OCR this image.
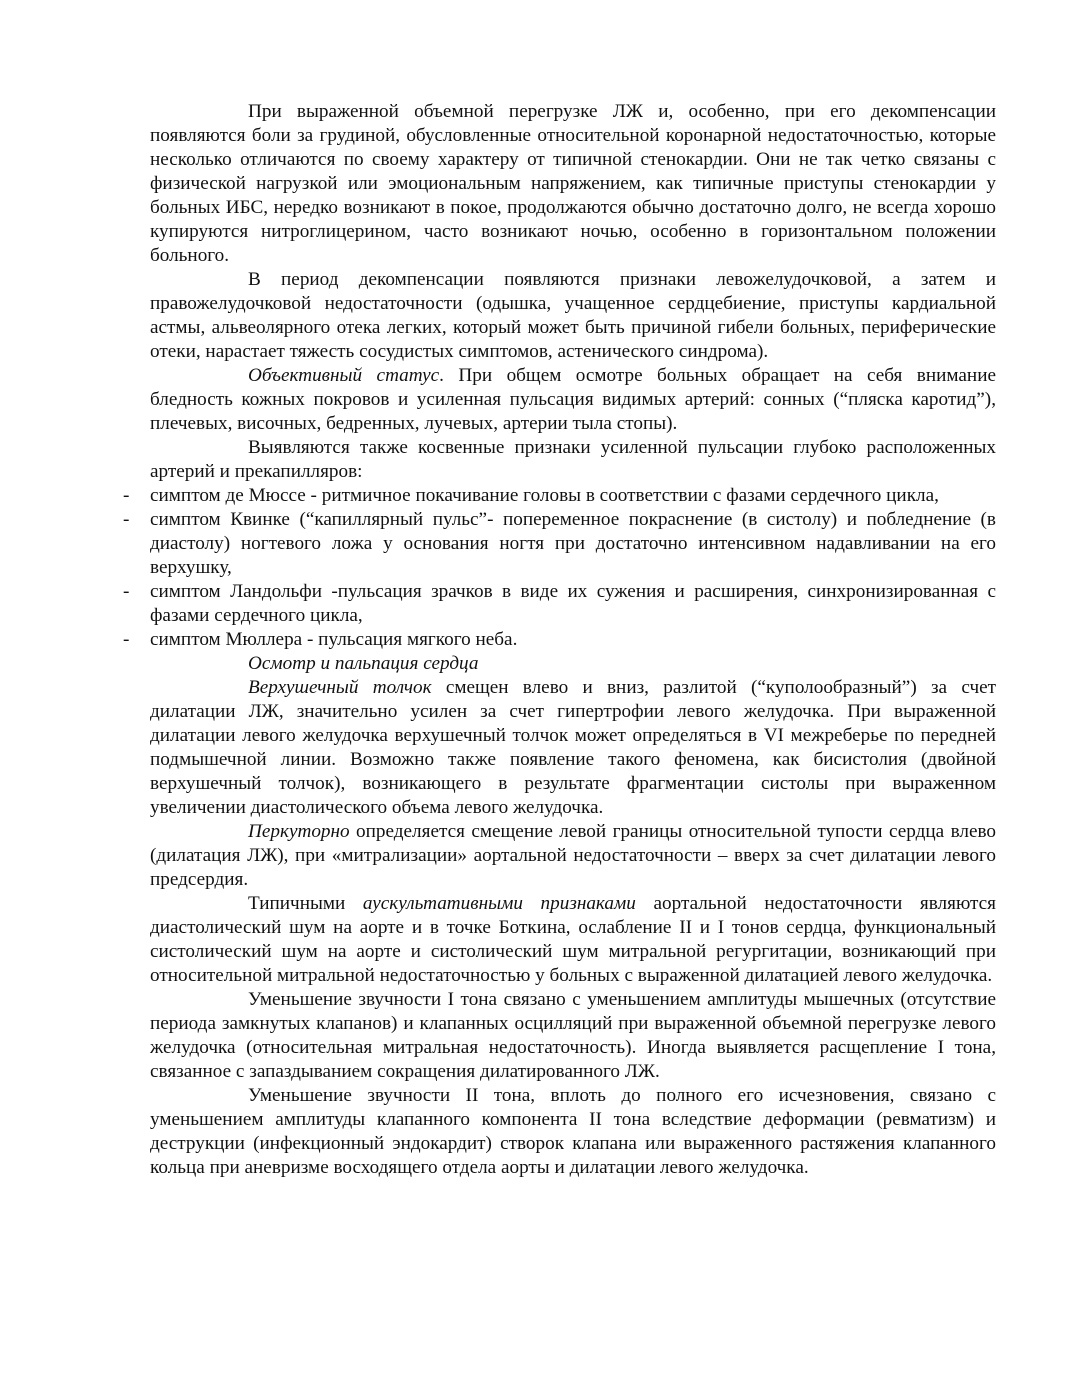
При выраженной объемной перегрузке ЛЖ и, особенно, при его декомпенсации появляются боли за грудиной, обусловленные относительной коронарной недостаточностью, которые несколько отличаются по своему характеру от типичной стенокардии. Они не так четко связаны с физической нагрузкой или эмоциональным напряжением, как типичные приступы стенокардии у больных ИБС, нередко возникают в покое, продолжаются обычно достаточно долго, не всегда хорошо купируются нитроглицерином, часто возникают ночью, особенно в горизонтальном положении больного.

В период декомпенсации появляются признаки левожелудочковой, а затем и правожелудочковой недостаточности (одышка, учащенное сердцебиение, приступы кардиальной астмы, альвеолярного отека легких, который может быть причиной гибели больных, периферические отеки, нарастает тяжесть сосудистых симптомов, астенического синдрома).

Объективный статус. При общем осмотре больных обращает на себя внимание бледность кожных покровов и усиленная пульсация видимых артерий: сонных (“пляска каротид”), плечевых, височных, бедренных, лучевых, артерии тыла стопы).

Выявляются также косвенные признаки усиленной пульсации глубоко расположенных артерий и прекапилляров:

- симптом де Мюссе - ритмичное покачивание головы в соответствии с фазами сердечного цикла,
- симптом Квинке (“капиллярный пульс”- попеременное покраснение (в систолу) и побледнение (в диастолу) ногтевого ложа у основания ногтя при достаточно интенсивном надавливании на его верхушку,
- симптом Ландольфи -пульсация зрачков в виде их сужения и расширения, синхронизированная с фазами сердечного цикла,
- симптом Мюллера - пульсация мягкого неба.

Осмотр и пальпация сердца

Верхушечный толчок смещен влево и вниз, разлитой (“куполообразный”) за счет дилатации ЛЖ, значительно усилен за счет гипертрофии левого желудочка. При выраженной дилатации левого желудочка верхушечный толчок может определяться в VI межреберье по передней подмышечной линии. Возможно также появление такого феномена, как бисистолия (двойной верхушечный толчок), возникающего в результате фрагментации систолы при выраженном увеличении диастолического объема левого желудочка.

Перкуторно определяется смещение левой границы относительной тупости сердца влево (дилатация ЛЖ), при «митрализации» аортальной недостаточности – вверх за счет дилатации левого предсердия.

Типичными аускультативными признаками аортальной недостаточности являются диастолический шум на аорте и в точке Боткина, ослабление II и I тонов сердца, функциональный систолический шум на аорте и систолический шум митральной регургитации, возникающий при относительной митральной недостаточностью у больных с выраженной дилатацией левого желудочка.

Уменьшение звучности I тона связано с уменьшением амплитуды мышечных (отсутствие периода замкнутых клапанов) и клапанных осцилляций при выраженной объемной перегрузке левого желудочка (относительная митральная недостаточность). Иногда выявляется расщепление I тона, связанное с запаздыванием сокращения дилатированного ЛЖ.

Уменьшение звучности II тона, вплоть до полного его исчезновения, связано с уменьшением амплитуды клапанного компонента II тона вследствие деформации (ревматизм) и деструкции (инфекционный эндокардит) створок клапана или выраженного растяжения клапанного кольца при аневризме восходящего отдела аорты и дилатации левого желудочка.
